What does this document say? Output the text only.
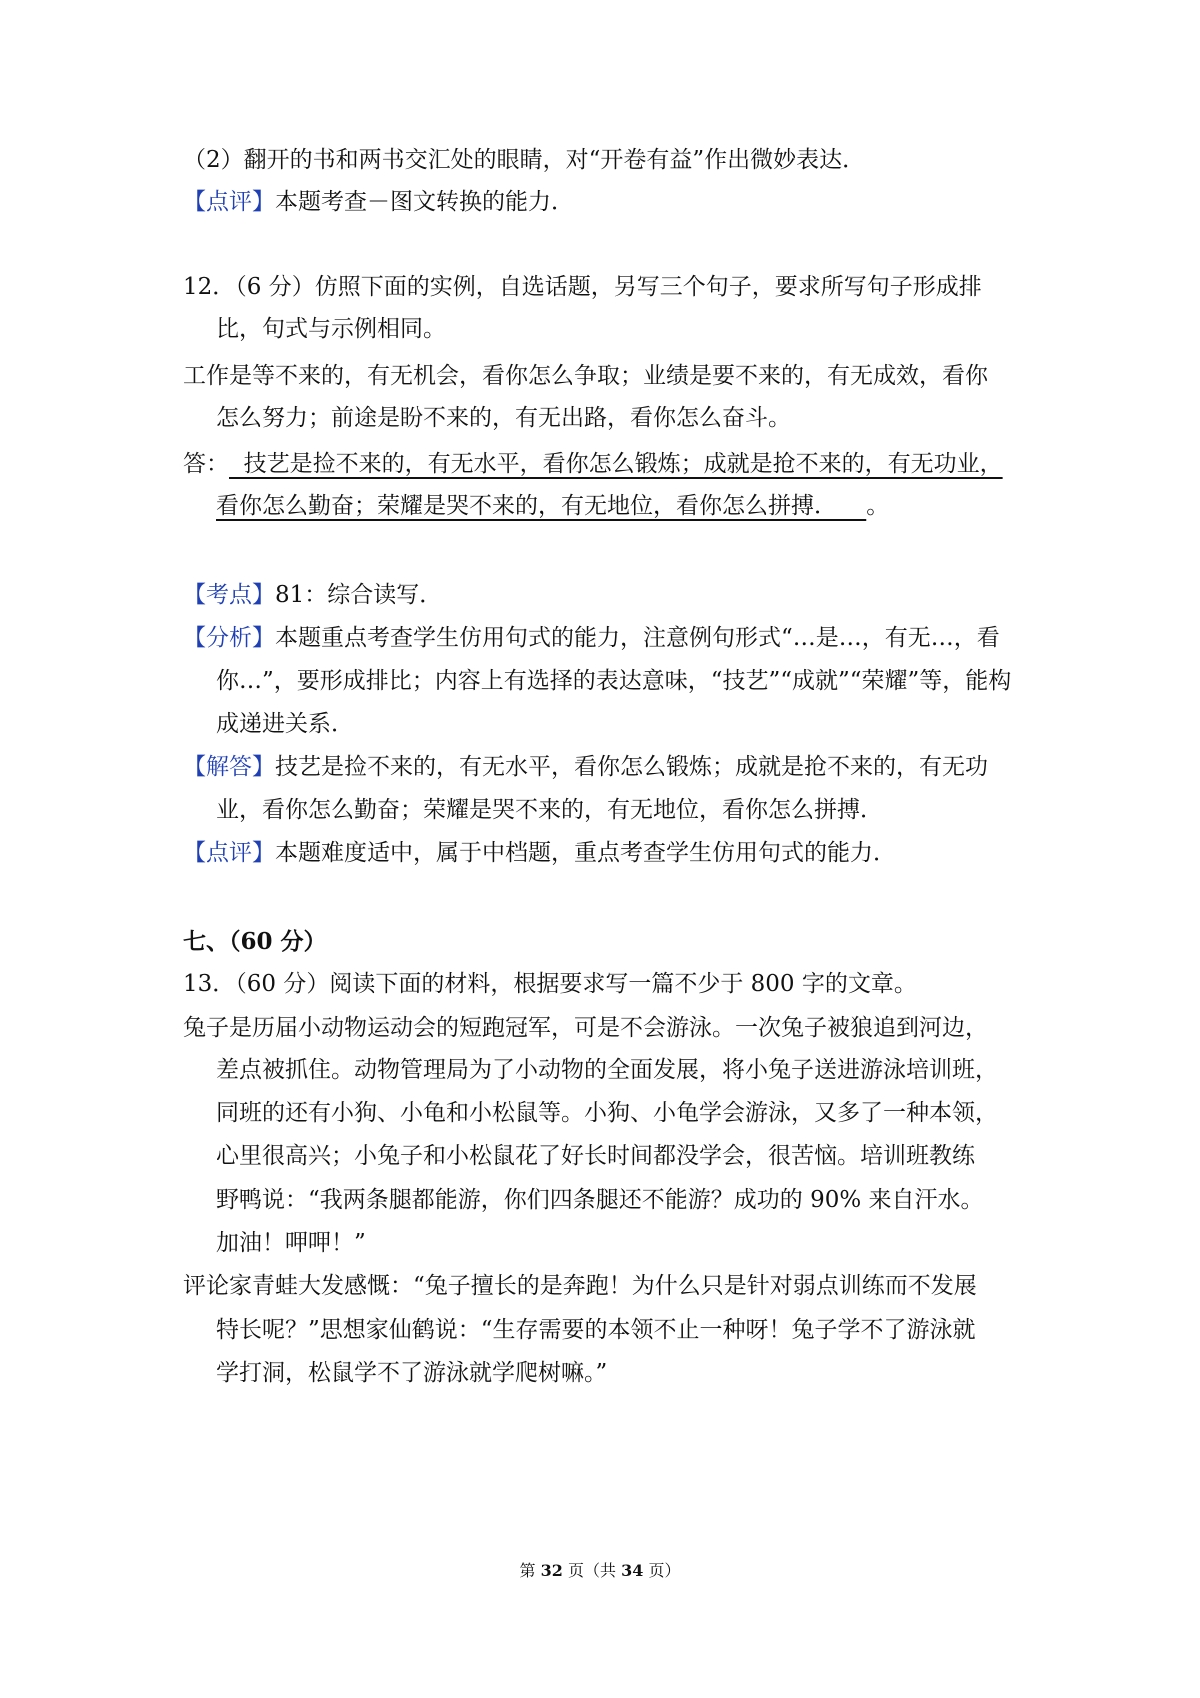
（2）翻开的书和两书交汇处的眼睛，对“开卷有益”作出微妙表达．
【点评】本题考查－图文转换的能力．
12．（6 分）仿照下面的实例，自选话题，另写三个句子，要求所写句子形成排
比，句式与示例相同。
工作是等不来的，有无机会，看你怎么争取；业绩是要不来的，有无成效，看你
怎么努力；前途是盼不来的，有无出路，看你怎么奋斗。
答：  技艺是捡不来的，有无水平，看你怎么锻炼；成就是抢不来的，有无功业，
看你怎么勤奋；荣耀是哭不来的，有无地位，看你怎么拼搏．    。
【考点】81：综合读写．
【分析】本题重点考查学生仿用句式的能力，注意例句形式“…是…，有无…，看
你…”，要形成排比；内容上有选择的表达意味，“技艺”“成就”“荣耀”等，能构
成递进关系．
【解答】技艺是捡不来的，有无水平，看你怎么锻炼；成就是抢不来的，有无功
业，看你怎么勤奋；荣耀是哭不来的，有无地位，看你怎么拼搏．
【点评】本题难度适中，属于中档题，重点考查学生仿用句式的能力．
七、（60 分）
13．（60 分）阅读下面的材料，根据要求写一篇不少于 800 字的文章。
兔子是历届小动物运动会的短跑冠军，可是不会游泳。一次兔子被狼追到河边，
差点被抓住。动物管理局为了小动物的全面发展，将小兔子送进游泳培训班，
同班的还有小狗、小龟和小松鼠等。小狗、小龟学会游泳，又多了一种本领，
心里很高兴；小兔子和小松鼠花了好长时间都没学会，很苦恼。培训班教练
野鸭说：“我两条腿都能游，你们四条腿还不能游？成功的 90% 来自汗水。
加油！呷呷！”
评论家青蛙大发感慨：“兔子擅长的是奔跑！为什么只是针对弱点训练而不发展
特长呢？”思想家仙鹤说：“生存需要的本领不止一种呀！兔子学不了游泳就
学打洞，松鼠学不了游泳就学爬树嘛。”
第 32 页（共 34 页）
